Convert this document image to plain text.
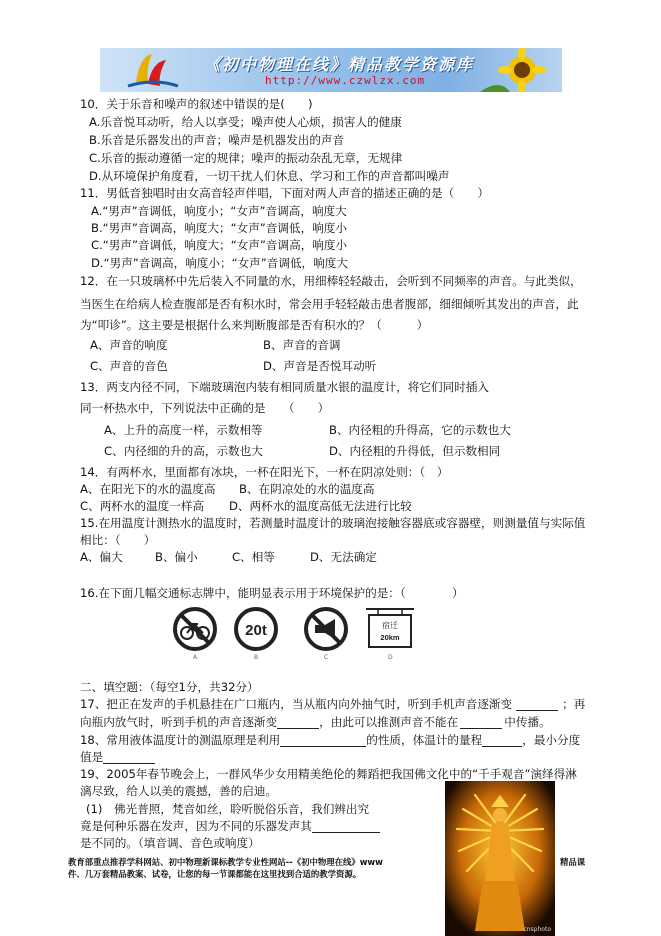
《初中物理在线》精品教学资源库
http://www.czwlzx.com
10．关于乐音和噪声的叙述中错误的是(　　)
A.乐音悦耳动听，给人以享受；噪声使人心烦，损害人的健康
B.乐音是乐器发出的声音；噪声是机器发出的声音
C.乐音的振动遵循一定的规律；噪声的振动杂乱无章，无规律
D.从环境保护角度看，一切干扰人们休息、学习和工作的声音都叫噪声
11．男低音独唱时由女高音轻声伴唱，下面对两人声音的描述正确的是（　　）
A.“男声”音调低，响度小；“女声”音调高，响度大
B.“男声”音调高，响度大；“女声”音调低，响度小
C.“男声”音调低，响度大；“女声”音调高，响度小
D.“男声”音调高，响度小；“女声”音调低，响度大
12．在一只玻璃杯中先后装入不同量的水，用细棒轻轻敲击，会听到不同频率的声音。与此类似，
当医生在给病人检查腹部是否有积水时，常会用手轻轻敲击患者腹部，细细倾听其发出的声音，此
为“叩诊”。这主要是根据什么来判断腹部是否有积水的？（　　　）
A、声音的响度	B、声音的音调
C、声音的音色	D、声音是否悦耳动听
13．两支内径不同，下端玻璃泡内装有相同质量水银的温度计，将它们同时插入
同一杯热水中，下列说法中正确的是　　（　　）
A、上升的高度一样，示数相等	B、内径粗的升得高，它的示数也大
C、内径细的升的高，示数也大	D、内径粗的升得低，但示数相同
14．有两杯水，里面都有冰块，一杯在阳光下，一杯在阴凉处则：（　）
A、在阳光下的水的温度高 B、在阴凉处的水的温度高
C、两杯水的温度一样高 D、两杯水的温度高低无法进行比较
15.在用温度计测热水的温度时，若测量时温度计的玻璃泡接触容器底或容器壁，则测量值与实际值
相比：（　　）
A、偏大	B、偏小	C、相等	D、无法确定
16.在下面几幅交通标志牌中，能明显表示用于环境保护的是：（　　　　）
20t	宿迁
20km
A	B	C	D
二、填空题：（每空1分，共32分）
17、把正在发声的手机悬挂在广口瓶内，当从瓶内向外抽气时，听到手机声音逐渐变	；再
向瓶内放气时，听到手机的声音逐渐变	，由此可以推测声音不能在	中传播。
18、常用液体温度计的测温原理是利用	的性质，体温计的量程	，最小分度
值是
19、2005年春节晚会上，一群风华少女用精美绝伦的舞蹈把我国佛文化中的“千手观音”演绎得淋
漓尽致，给人以美的震撼，善的启迪。
(1)　佛光普照，梵音如丝，聆听脱俗乐音，我们辨出究
竟是何种乐器在发声，因为不同的乐器发声其
是不同的。（填音调、音色或响度）
教育部重点推荐学科网站、初中物理新课标教学专业性网站--《初中物理在线》www	精品课
件、几万套精品教案、试卷，让您的每一节课都能在这里找到合适的教学资源。
cnsphoto
